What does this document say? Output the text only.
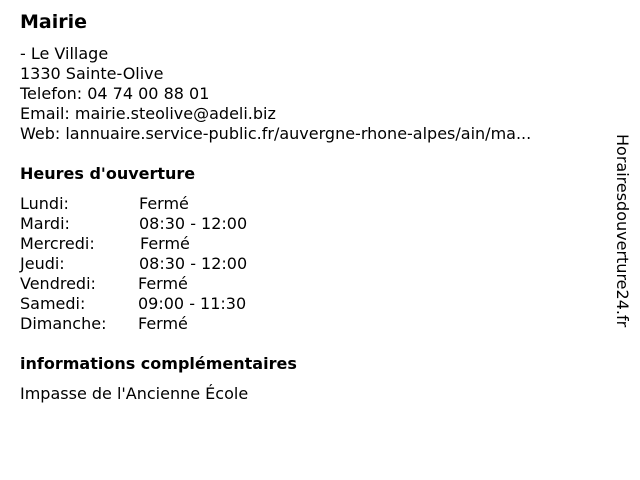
Mairie
- Le Village
1330 Sainte-Olive
Telefon: 04 74 00 88 01
Email: mairie.steolive@adeli.biz
Web: lannuaire.service-public.fr/auvergne-rhone-alpes/ain/ma...
Heures d'ouverture
Lundi:	Fermé
Mardi:	08:30 - 12:00
Mercredi:	Fermé
Jeudi:	08:30 - 12:00
Vendredi:	Fermé
Samedi:	09:00 - 11:30
Dimanche: Fermé
informations complémentaires
Impasse de l'Ancienne École
Horairesdouverture24.fr
